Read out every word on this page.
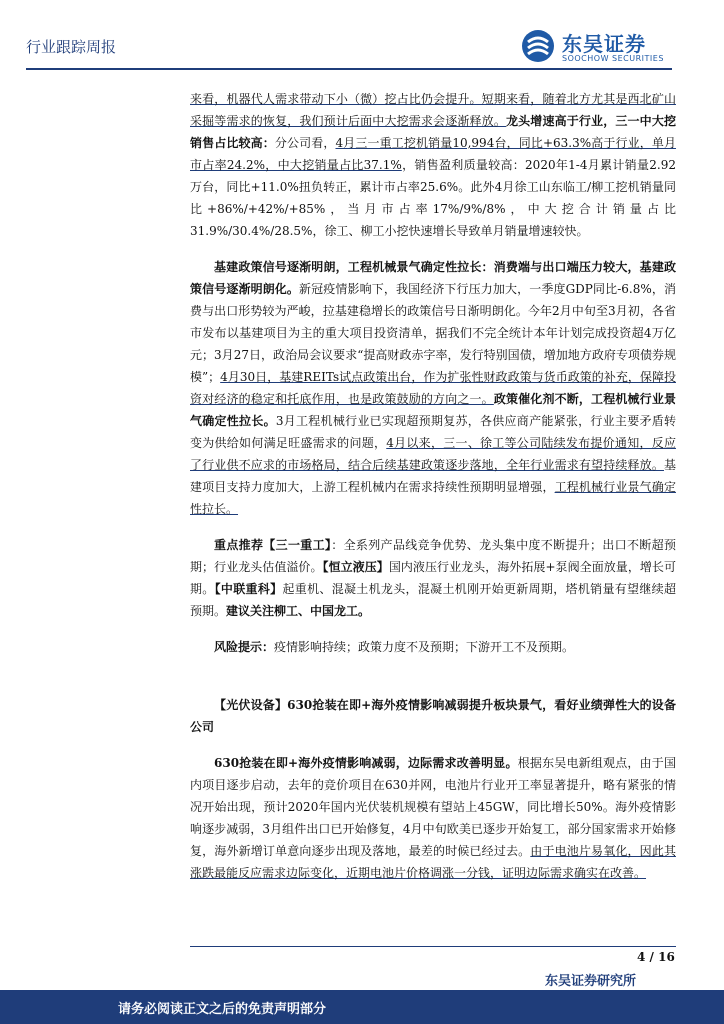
行业跟踪周报	东吴证券
SOOCHOW SECURITIES

来看，机器代人需求带动下小（微）挖占比仍会提升。短期来看，随着北方尤其是西北矿山采掘等需求的恢复，我们预计后面中大挖需求会逐渐释放。龙头增速高于行业，三一中大挖销售占比较高：分公司看，4月三一重工挖机销量10,994台，同比+63.3%高于行业，单月市占率24.2%，中大挖销量占比37.1%，销售盈利质量较高：2020年1-4月累计销量2.92万台，同比+11.0%扭负转正，累计市占率25.6%。此外4月徐工山东临工/柳工挖机销量同比+86%/+42%/+85%，当月市占率17%/9%/8%，中大挖合计销量占比31.9%/30.4%/28.5%，徐工、柳工小挖快速增长导致单月销量增速较快。

基建政策信号逐渐明朗，工程机械景气确定性拉长：消费端与出口端压力较大，基建政策信号逐渐明朗化。新冠疫情影响下，我国经济下行压力加大，一季度GDP同比-6.8%，消费与出口形势较为严峻，拉基建稳增长的政策信号日渐明朗化。今年2月中旬至3月初，各省市发布以基建项目为主的重大项目投资清单，据我们不完全统计本年计划完成投资超4万亿元；3月27日，政治局会议要求“提高财政赤字率，发行特别国债，增加地方政府专项债券规模”；4月30日，基建REITs试点政策出台，作为扩张性财政政策与货币政策的补充，保障投资对经济的稳定和托底作用，也是政策鼓励的方向之一。政策催化剂不断，工程机械行业景气确定性拉长。3月工程机械行业已实现超预期复苏，各供应商产能紧张，行业主要矛盾转变为供给如何满足旺盛需求的问题，4月以来，三一、徐工等公司陆续发布提价通知，反应了行业供不应求的市场格局，结合后续基建政策逐步落地，全年行业需求有望持续释放。基建项目支持力度加大，上游工程机械内在需求持续性预期明显增强，工程机械行业景气确定性拉长。

重点推荐【三一重工】：全系列产品线竞争优势、龙头集中度不断提升；出口不断超预期；行业龙头估值溢价。【恒立液压】国内液压行业龙头，海外拓展+泵阀全面放量，增长可期。【中联重科】起重机、混凝土机龙头，混凝土机刚开始更新周期，塔机销量有望继续超预期。建议关注柳工、中国龙工。

风险提示：疫情影响持续；政策力度不及预期；下游开工不及预期。

【光伏设备】630抢装在即+海外疫情影响减弱提升板块景气，看好业绩弹性大的设备公司

630抢装在即+海外疫情影响减弱，边际需求改善明显。根据东吴电新组观点，由于国内项目逐步启动，去年的竞价项目在630并网，电池片行业开工率显著提升，略有紧张的情况开始出现，预计2020年国内光伏装机规模有望站上45GW，同比增长50%。海外疫情影响逐步减弱，3月组件出口已开始修复，4月中旬欧美已逐步开始复工，部分国家需求开始修复，海外新增订单意向逐步出现及落地，最差的时候已经过去。由于电池片易氧化，因此其涨跌最能反应需求边际变化，近期电池片价格调涨一分钱，证明边际需求确实在改善。

4 / 16
东吴证券研究所
请务必阅读正文之后的免责声明部分
